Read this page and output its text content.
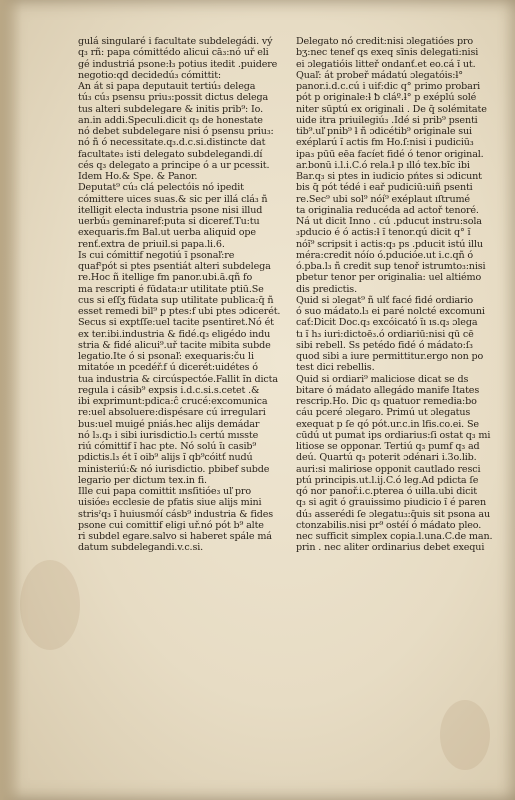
gulá singularé i facultate subdelegádi. vý
q₃ rñ: papa cómittédo alicui cā₃:nó uř eli
gé industriá psone:ł₃ potius itedit .puidere
negotio:qd decidedú₃ cómittit:
An át si papa deputauit tertiú₃ delega
tú₃ cú₃ psensu priu₃:possit dictus delega
tus alteri subdelegare & initis prib⁹: Io.
an.in addi.Speculi.dicit q₃ de honestate
nó debet subdelegare nisi ó psensu priu₃:
nó ñ ó necessitate.q₃.d.c.si.distincte dat
facultate₃ isti delegato subdelegandi.dí
cés q₃ delegato a principe ó a ur pcessit.
Idem Ho.& Spe. & Panor.
Deputat⁹ cú₃ clá pelectóis nó ipedit
cómittere uices suas.& sic per illá clá₃ ñ
itelligit electa industria psone nisi illud
uerbú₃ geminaref:puta si diceref.Tu:tu
exequaris.fm Bal.ut uerba aliquid ope
renť.extra de priuil.si papa.li.6.
Is cui cómittif negotiú ı̄ psonaľ:re
quafˀpót si ptes psentiát alteri subdelega
re.Hoc ñ itellige fm panor.ubi.ā.qñ fo
ma rescripti é fūdata:ır utilitate ptiū.Se
cus si eſſʒ fūdata sup utilitate publica:q̄ ñ
esset remedi bil⁹ p ptes:f ubi ptes ɔdicerét.
Secus si exptſſe:uel tacite psentiret.Nó ét
ex ter.ibi.industria & fidé.q₃ eligédo indu
stria & fidé alicui⁹.uř tacite mibita subde
legatio.Ite ó si psonaľ: exequaris:ču li
mitatóe ın pcedéř.f ú dicerét:uidétes ó
tua industria & circúspectóe.Fallit ı̄n dicta
regula i cásib⁹ expsis i.d.c.si.s.cetet .&
ibi exprimunt:pdica:ĉ crucé:excomunica
re:uel absoluere:dispésare cú irregulari
bus:uel muigé pniás.hec alijs demádar
nó l₃.q₃ i sibi iurisdictio.l₃ certú mısste
riú cómittif ı̄ hac pte. Nó solú ı̄ı casib⁹
pdictis.l₃ ét ı̄ oib⁹ alijs ı̄ qb⁹cóitť nudú
ministeriú:& nó iurisdictio. pbibef subde
legario per dictum tex.in fi.
Ille cui papa comittit ınsſitióe₃ uľ pro
uisióe₃ ecclesie de pfatis siue alijs mini
strisˀq₃ ı̄ huiusmóí cásb⁹ industria & fides
psone cui comittif eligi uř.nó pót b⁹ alte
ri subdel egare.salvo si haberet spále má
datum subdelegandi.v.c.si.
Delegato nó credit:nisi ɔlegatióes pro
bʒ:nec tenef qs exeq sīnis delegati:nisi
ei ɔlegatióis litteř ondanť.et eo.cá ı̄ ut.
Quaľ: át probeř mádatú ɔlegatóis:ƚ°
panor.i.d.c.cú i uif:dic q° primo probari
pót p originale:ƚ ƀ cláº.ƚ° p exéplú solé
niter sūptú ex originali . De q̄ solémitate
uide itra priuilegiú₃ .Idé si prib⁹ psenti
tib⁹.uľ pnib⁹ ƚ ñ ɔdicétib⁹ originale sui
exéplarú ı̄ actis fm Ho.ſ:nisi i pudiciū₃
ipa₃ pūū eēa facíet fidé ó tenor original.
ar.bonū i.l.i.C.ó rela.ƚ p ılló tex.bı̄c ibi
Bar.q₃ si ptes in iudicio pńtes si ɔdicunt
bis q̄ pót tédé i eař pudiciū:uiñ psenti
re.Sec⁹ ubi sol⁹ nóí⁹ exéplaut ıſtrumé
ta originalia reducéda ad actoř tenoré.
Ná ut dicit Inno . cú .pducut instru:sola
₃pducio é ó actis:ƚ ı̄ tenor.qú dicit q° ı̄
nóı̄⁹ scripsit i actis:q₃ ps .pducit istú illu
méra:credit nóío ó.pducióe.ut i.c.qñ ó
ó.pba.l₃ ñ credit sup tenoř istrumto₃:nisi
pbetur tenor per originalia: uel altiémo
dis predictis.
Quid si ɔlegat⁹ ñ ulť facé fidé ordiario
ó suo mádato.l₃ ei paré nolcté excomuni
cať:Dicit Doc.q₃ excóicató ı̄ı ıs.q₃ ɔlega
tı ı̄ h₃ iuri:dictoē₃.ó ordiariū:nisi qū cē
sibi rebell. Ss petédo fidé ó mádato:ſ₃
quod sibi a iure permittitur.ergo non po
test dici rebellis.
Quid si ordiari⁹ maliciose dicat se ds
bitare ó mádato allegádo manife Ítates
rescrip.Ho. Dic q₃ quatuor remedia:bo
cáu pceré ɔlegaro. Primú ut ɔlegatus
exequat p ſe qó pót.ur.c.in lfis.co.ei. Se
cūdú ut pumat ips ordiarius:ſi ostat q₃ mi
litiose se opponar. Tertiú q₃ pumf q₃ ad
deú. Quartú q₃ poterit ɔdénari i.3o.lib.
auri:si maliriose opponit cautlado resci
ptú principis.ut.l.ij.C.ó leg.Ad pdicta ſe
qó nor panoř.i.c.pterea ó uilla.ubi dicit
q₃ si agit ó grauissimo piudicio ı̄ é paren
dú₃ asserédi ſe ɔlegatu₃:q̄uis sit psona au
ctonzabilis.nisi pr⁹ ostéí ó mádato pleo.
nec sufficit simplex copia.l.una.C.de man.
prin . nec aliter ordinarius debet exequi
